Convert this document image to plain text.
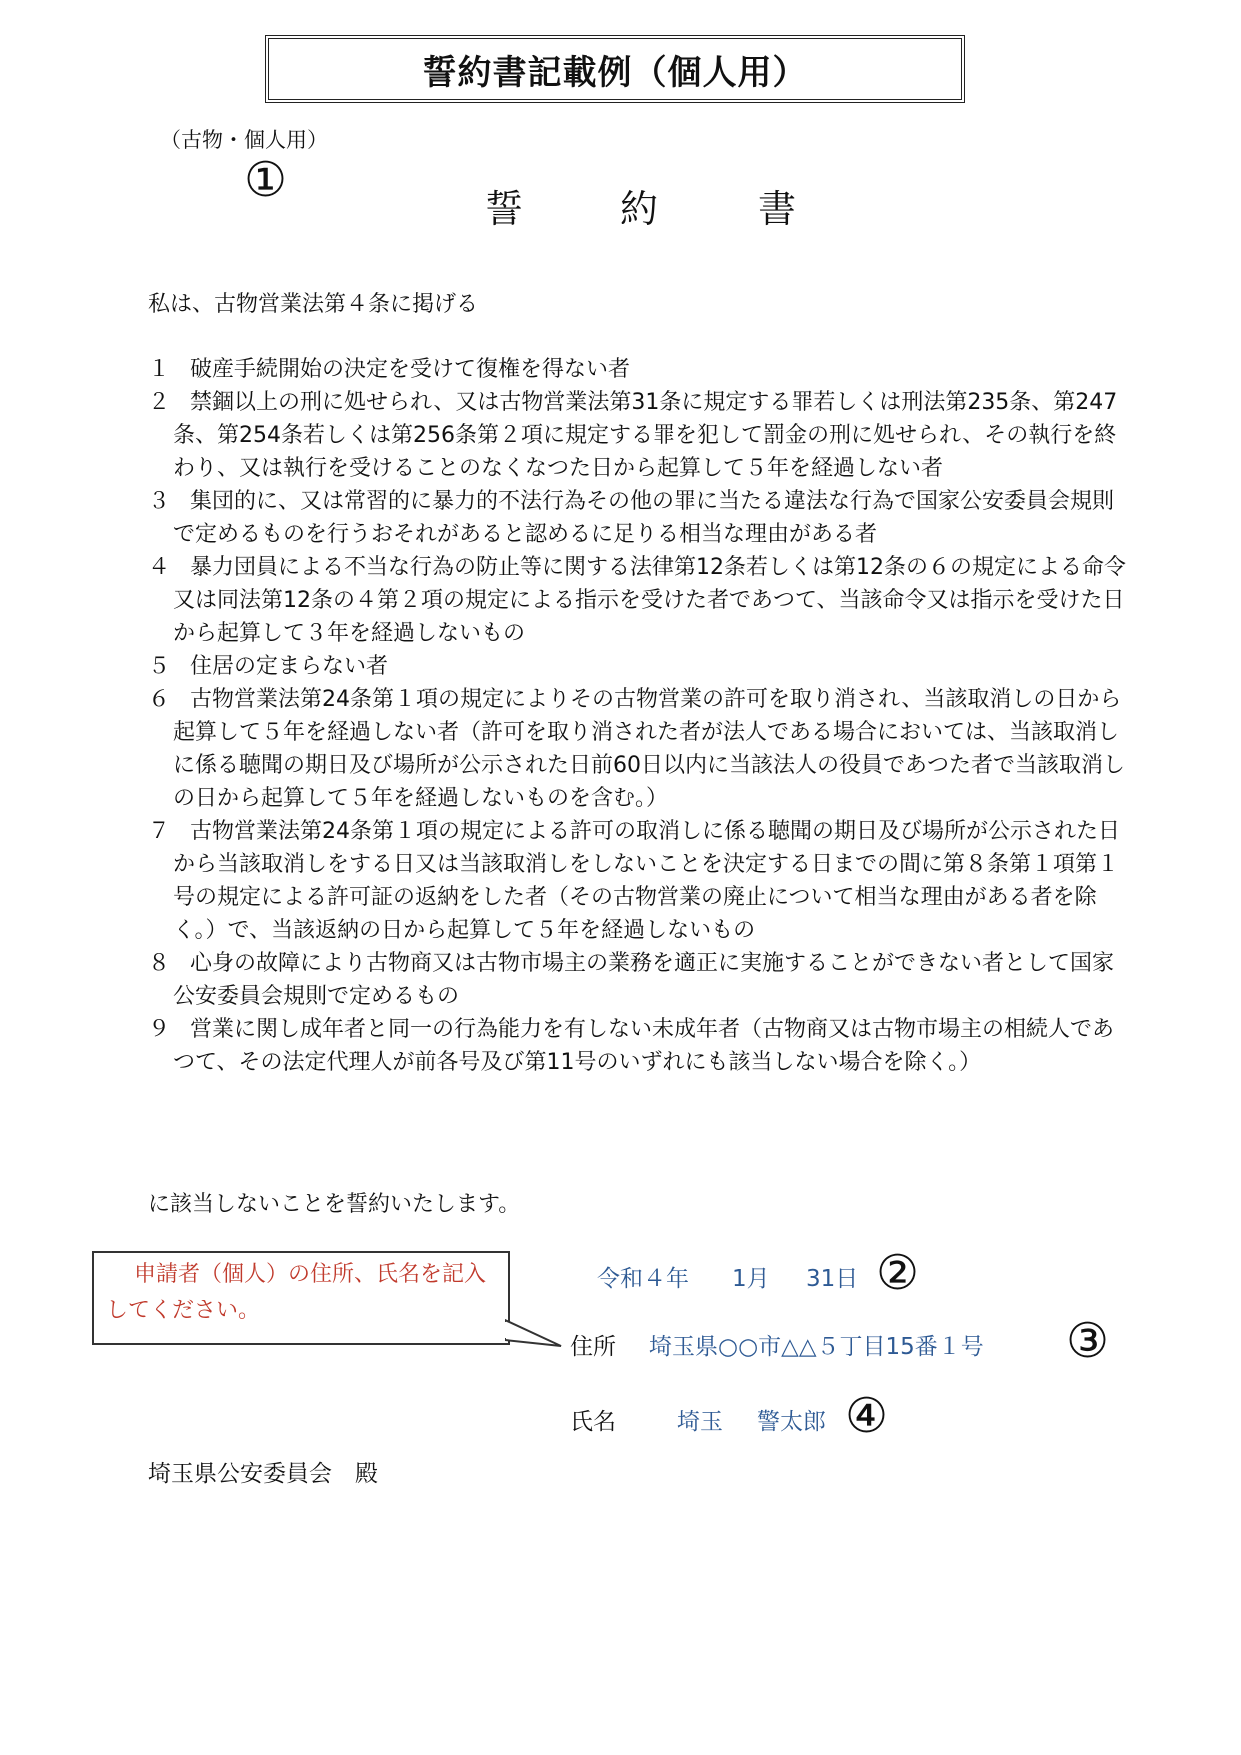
誓約書記載例（個人用）
（古物・個人用）
①
誓	約	書
私は、古物営業法第４条に掲げる
１ 破産手続開始の決定を受けて復権を得ない者
２ 禁錮以上の刑に処せられ、又は古物営業法第31条に規定する罪若しくは刑法第235条、第247条、第254条若しくは第256条第２項に規定する罪を犯して罰金の刑に処せられ、その執行を終わり、又は執行を受けることのなくなつた日から起算して５年を経過しない者
３ 集団的に、又は常習的に暴力的不法行為その他の罪に当たる違法な行為で国家公安委員会規則で定めるものを行うおそれがあると認めるに足りる相当な理由がある者
４ 暴力団員による不当な行為の防止等に関する法律第12条若しくは第12条の６の規定による命令又は同法第12条の４第２項の規定による指示を受けた者であつて、当該命令又は指示を受けた日から起算して３年を経過しないもの
５ 住居の定まらない者
６ 古物営業法第24条第１項の規定によりその古物営業の許可を取り消され、当該取消しの日から起算して５年を経過しない者（許可を取り消された者が法人である場合においては、当該取消しに係る聴聞の期日及び場所が公示された日前60日以内に当該法人の役員であつた者で当該取消しの日から起算して５年を経過しないものを含む。）
７ 古物営業法第24条第１項の規定による許可の取消しに係る聴聞の期日及び場所が公示された日から当該取消しをする日又は当該取消しをしないことを決定する日までの間に第８条第１項第１号の規定による許可証の返納をした者（その古物営業の廃止について相当な理由がある者を除く。）で、当該返納の日から起算して５年を経過しないもの
８ 心身の故障により古物商又は古物市場主の業務を適正に実施することができない者として国家公安委員会規則で定めるもの
９ 営業に関し成年者と同一の行為能力を有しない未成年者（古物商又は古物市場主の相続人であつて、その法定代理人が前各号及び第11号のいずれにも該当しない場合を除く。）
に該当しないことを誓約いたします。
申請者（個人）の住所、氏名を記入してください。
令和４年 1月 31日 ②
住所 埼玉県○○市△△５丁目15番１号 ③
氏名	埼玉 警太郎 ④
埼玉県公安委員会　殿
